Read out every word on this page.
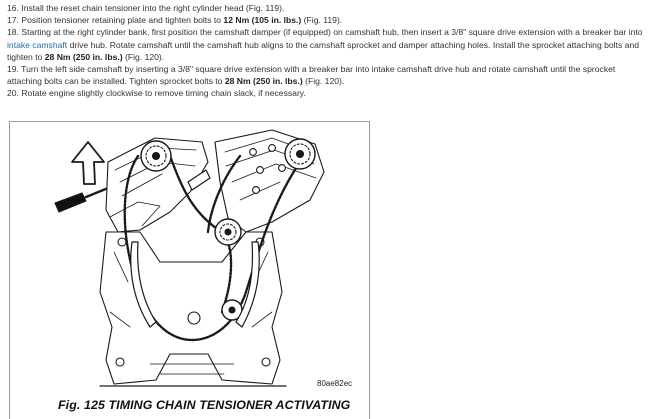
16. Install the reset chain tensioner into the right cylinder head (Fig. 119).

17. Position tensioner retaining plate and tighten bolts to 12 Nm (105 in. lbs.) (Fig. 119).

18. Starting at the right cylinder bank, first position the camshaft damper (if equipped) on camshaft hub, then insert a 3/8" square drive extension with a breaker bar into intake camshaft drive hub. Rotate camshaft until the camshaft hub aligns to the camshaft sprocket and damper attaching holes. Install the sprocket attaching bolts and tighten to 28 Nm (250 in. lbs.) (Fig. 120).

19. Turn the left side camshaft by inserting a 3/8" square drive extension with a breaker bar into intake camshaft drive hub and rotate camshaft until the sprocket attaching bolts can be installed. Tighten sprocket bolts to 28 Nm (250 in. lbs.) (Fig. 120).

20. Rotate engine slightly clockwise to remove timing chain slack, if necessary.

80ae82ec
Fig. 125 TIMING CHAIN TENSIONER ACTIVATING
